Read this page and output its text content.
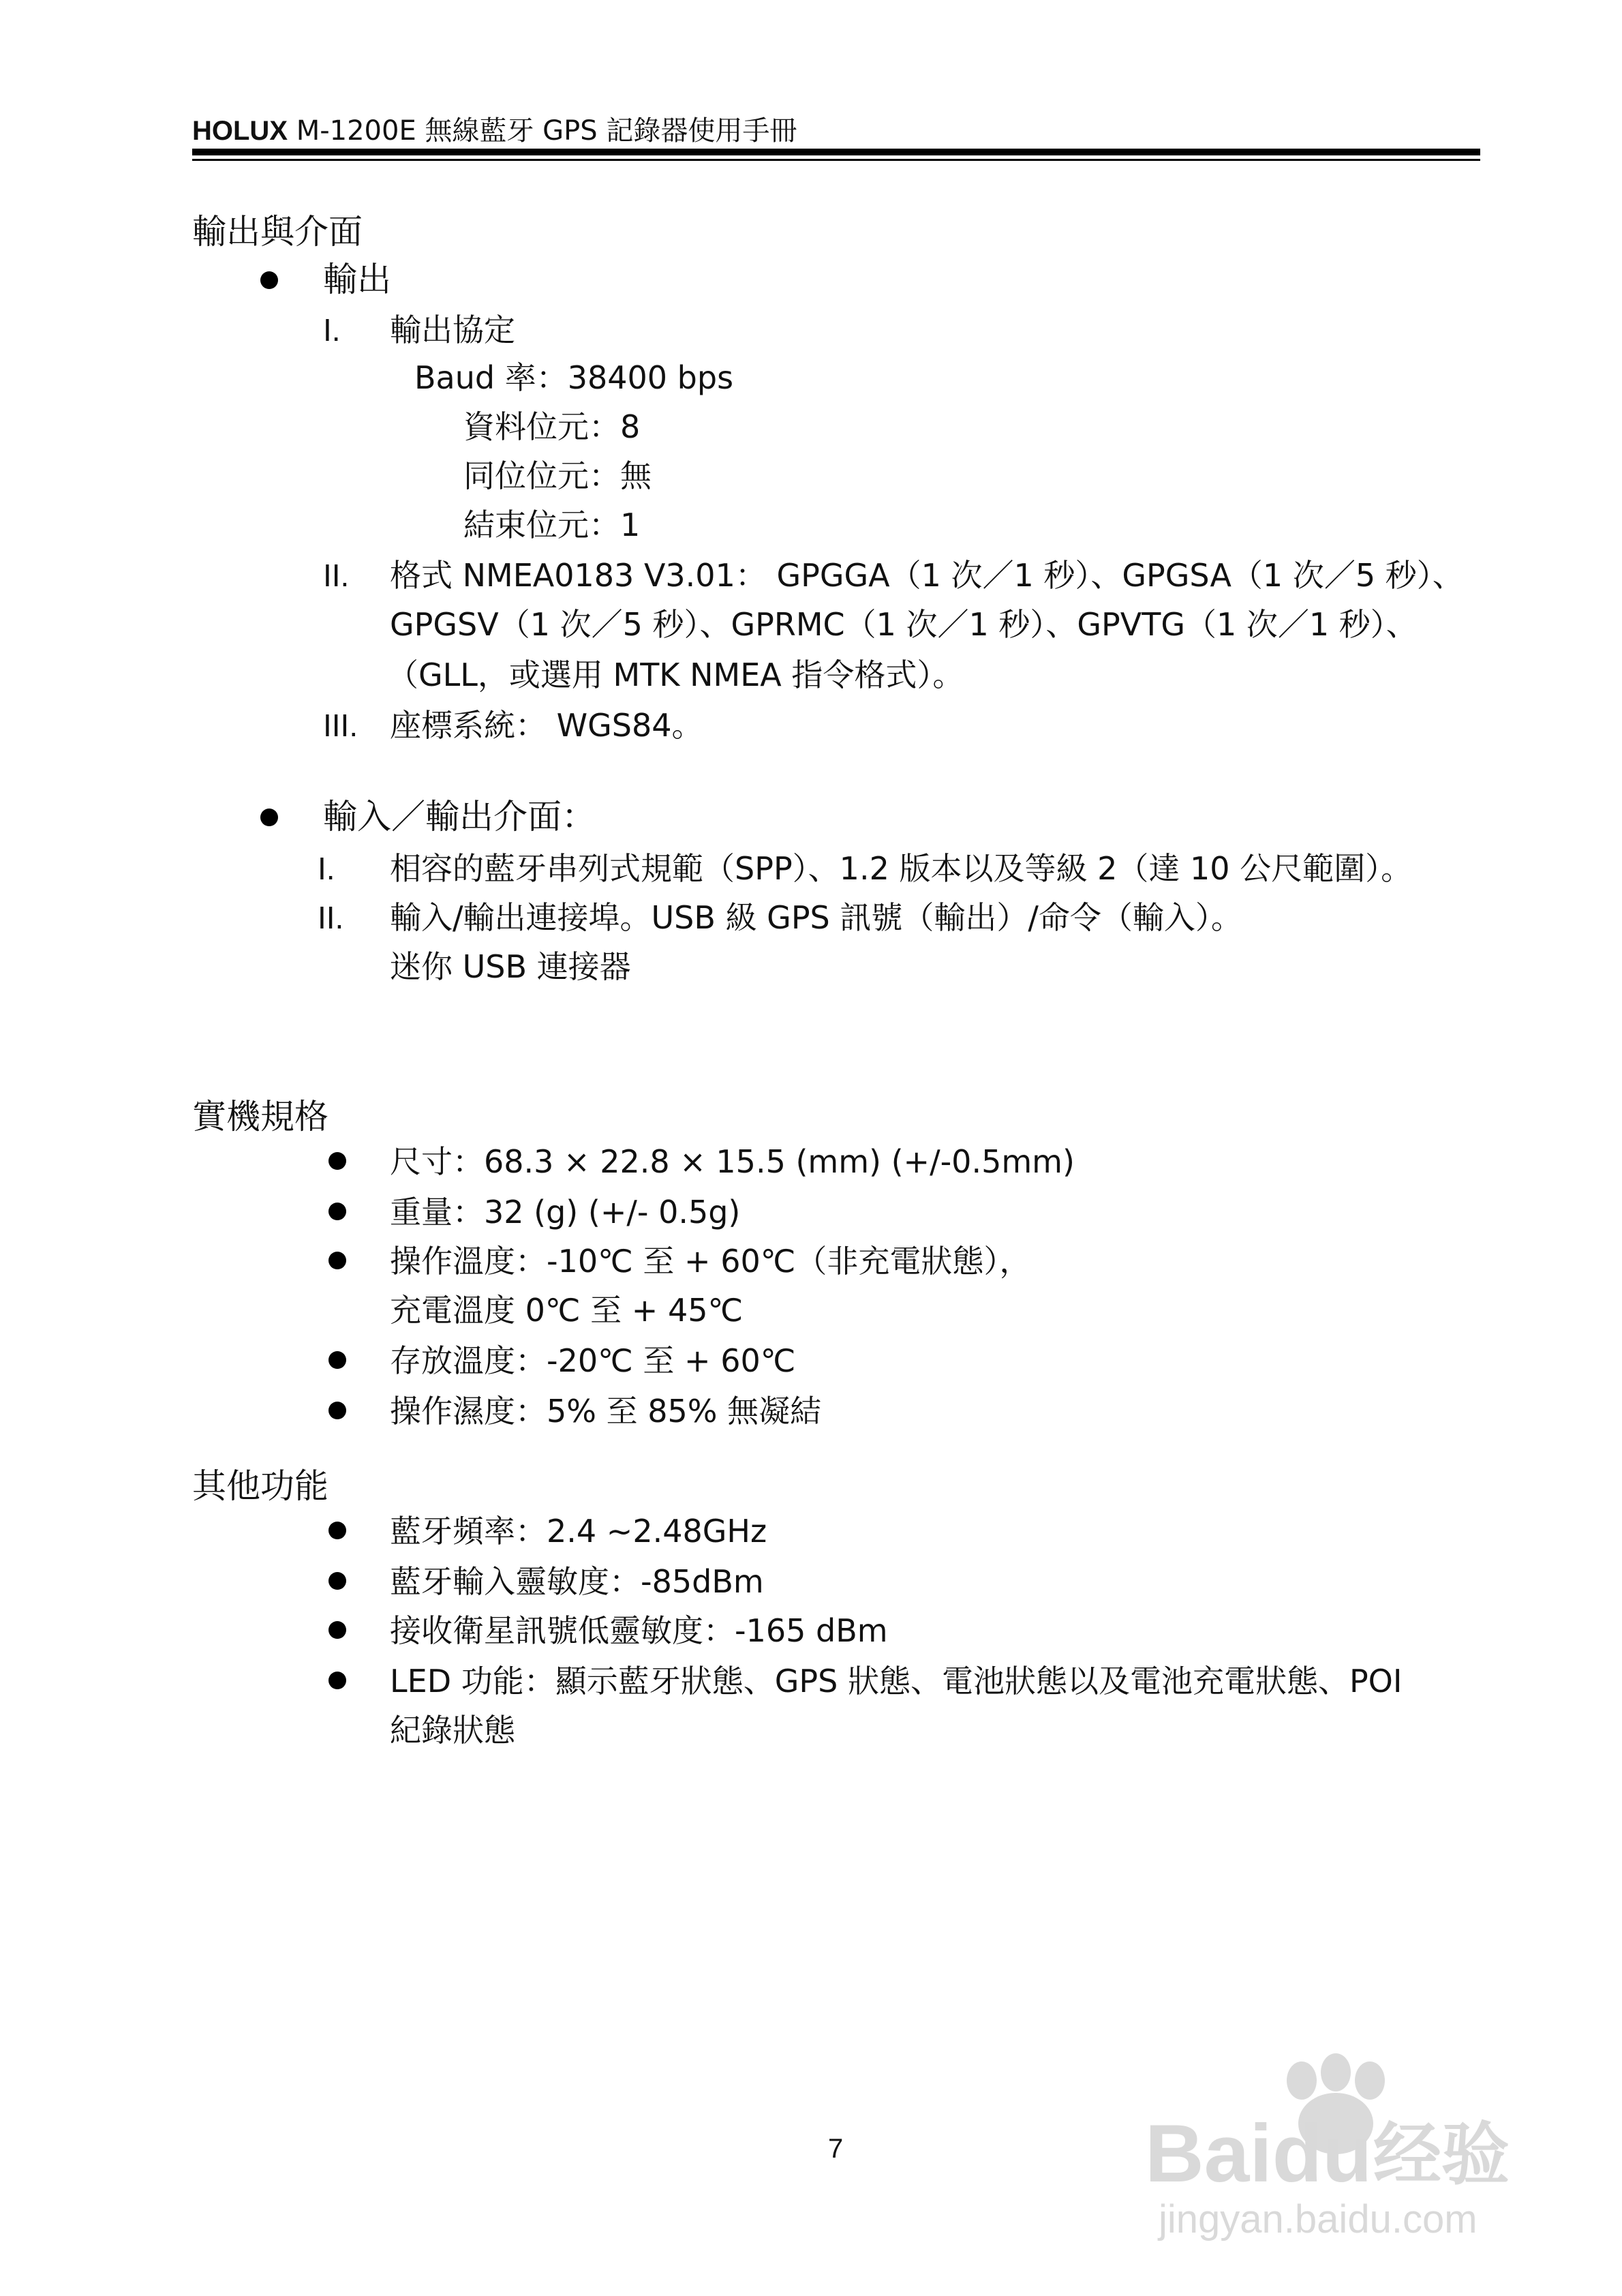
HOLUX M-1200E 無線藍牙 GPS 記錄器使用手冊
輸出與介面
輸出
I. 輸出協定
Baud 率：38400 bps
資料位元：8
同位位元：無
結束位元：1
II. 格式 NMEA0183 V3.01： GPGGA（1 次／1 秒）、GPGSA（1 次／5 秒）、
GPGSV（1 次／5 秒）、GPRMC（1 次／1 秒）、GPVTG（1 次／1 秒）、
（GLL，或選用 MTK NMEA 指令格式）。
III. 座標系統： WGS84。
輸入／輸出介面：
I. 相容的藍牙串列式規範（SPP）、1.2 版本以及等級 2（達 10 公尺範圍）。
II. 輸入/輸出連接埠。USB 級 GPS 訊號（輸出）/命令（輸入）。
迷你 USB 連接器
實機規格
尺寸：68.3 × 22.8 × 15.5 (mm) (+/-0.5mm)
重量：32 (g) (+/- 0.5g)
操作溫度：-10℃ 至 + 60℃（非充電狀態），
充電溫度 0℃ 至 + 45℃
存放溫度：-20℃ 至 + 60℃
操作濕度：5% 至 85% 無凝結
其他功能
藍牙頻率：2.4 ~2.48GHz
藍牙輸入靈敏度：-85dBm
接收衛星訊號低靈敏度：-165 dBm
LED 功能：顯示藍牙狀態、GPS 狀態、電池狀態以及電池充電狀態、POI
紀錄狀態
7	Baidu 经验
jingyan.baidu.com
